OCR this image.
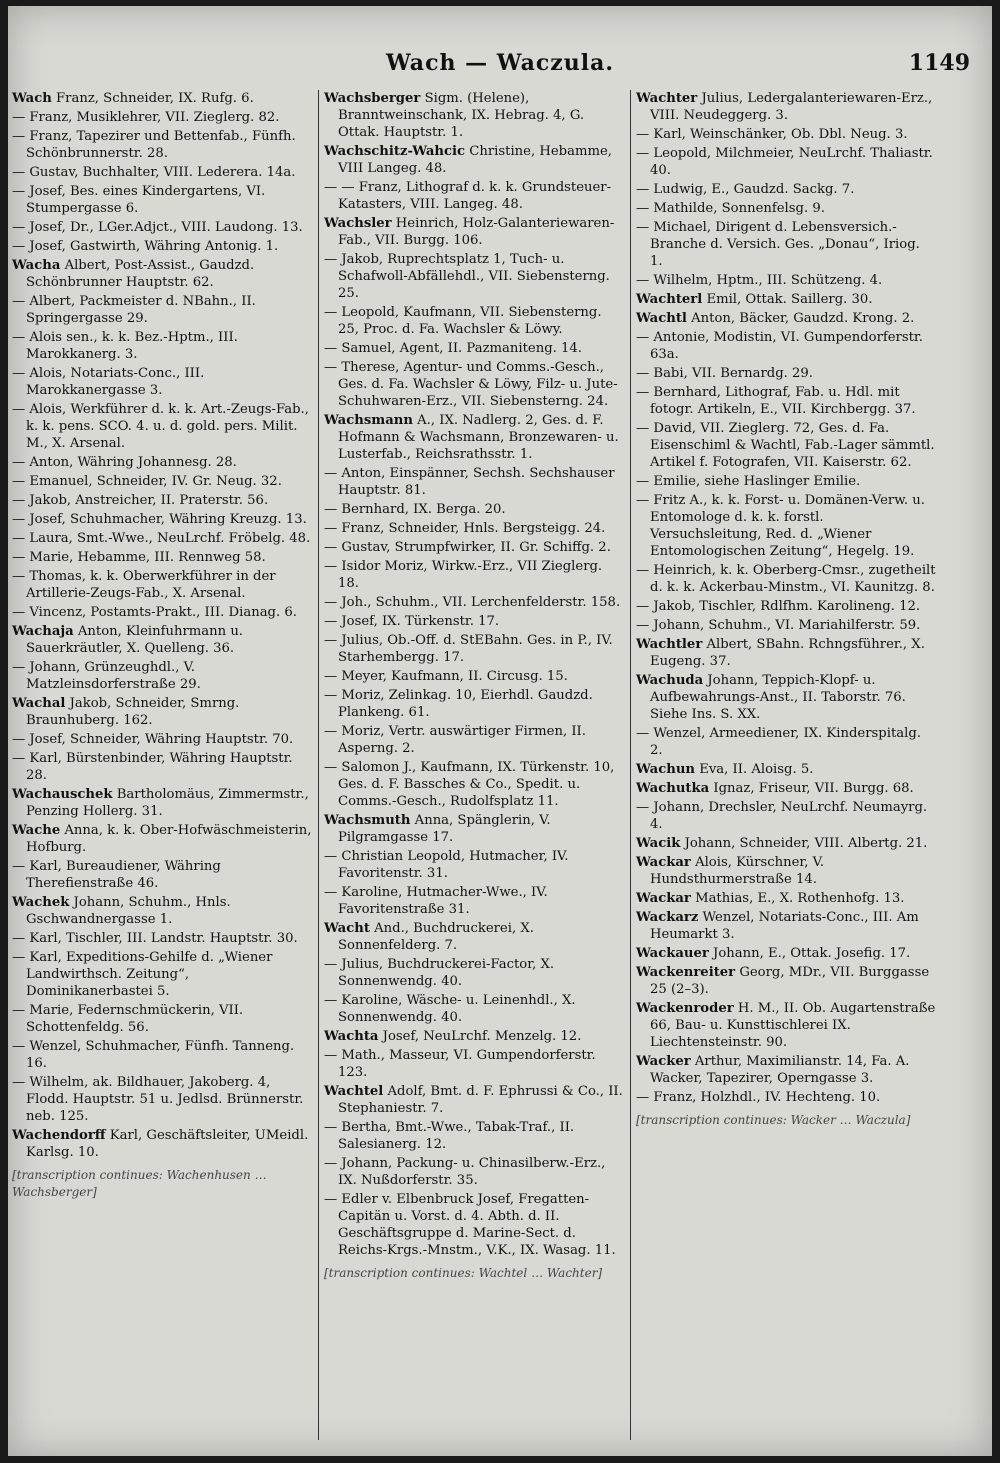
Wach — Waczula.	1149
Wach Franz, Schneider, IX. Rufg. 6.
— Franz, Musiklehrer, VII. Zieglerg. 82.
— Franz, Tapezirer und Bettenfab., Fünfh. Schönbrunnerstr. 28.
— Gustav, Buchhalter, VIII. Lederera. 14a.
— Josef, Bes. eines Kindergartens, VI. Stumpergasse 6.
— Josef, Dr., LGer.Adjct., VIII. Laudong. 13.
— Josef, Gastwirth, Währing Antonig. 1.
Wacha Albert, Post-Assist., Gaudzd. Schönbrunner Hauptstr. 62.
— Albert, Packmeister d. NBahn., II. Springergasse 29.
— Alois sen., k. k. Bez.-Hptm., III. Marokkanerg. 3.
— Alois, Notariats-Conc., III. Marokkanergasse 3.
— Alois, Werkführer d. k. k. Art.-Zeugs-Fab., k. k. pens. SCO. 4. u. d. gold. pers. Milit. M., X. Arsenal.
— Anton, Währing Johannesg. 28.
— Emanuel, Schneider, IV. Gr. Neug. 32.
— Jakob, Anstreicher, II. Praterstr. 56.
— Josef, Schuhmacher, Währing Kreuzg. 13.
— Laura, Smt.-Wwe., NeuLrchf. Fröbelg. 48.
— Marie, Hebamme, III. Rennweg 58.
— Thomas, k. k. Oberwerkführer in der Artillerie-Zeugs-Fab., X. Arsenal.
— Vincenz, Postamts-Prakt., III. Dianag. 6.
Wachaja Anton, Kleinfuhrmann u. Sauerkräutler, X. Quelleng. 36.
— Johann, Grünzeughdl., V. Matzleinsdorferstraße 29.
Wachal Jakob, Schneider, Smrng. Braunhuberg. 162.
— Josef, Schneider, Währing Hauptstr. 70.
— Karl, Bürstenbinder, Währing Hauptstr. 28.
Wachauschek Bartholomäus, Zimmermstr., Penzing Hollerg. 31.
Wache Anna, k. k. Ober-Hofwäschmeisterin, Hofburg.
— Karl, Bureaudiener, Währing Therefienstraße 46.
Wachek Johann, Schuhm., Hnls. Gschwandnergasse 1.
— Karl, Tischler, III. Landstr. Hauptstr. 30.
— Karl, Expeditions-Gehilfe d. „Wiener Landwirthsch. Zeitung“, Dominikanerbastei 5.
— Marie, Federnschmückerin, VII. Schottenfeldg. 56.
— Wenzel, Schuhmacher, Fünfh. Tanneng. 16.
— Wilhelm, ak. Bildhauer, Jakoberg. 4, Flodd. Hauptstr. 51 u. Jedlsd. Brünnerstr. neb. 125.
Wachendorff Karl, Geschäftsleiter, UMeidl. Karlsg. 10.
[transcription continues: Wachenhusen … Wachsberger]
Wachsberger Sigm. (Helene), Branntweinschank, IX. Hebrag. 4, G. Ottak. Hauptstr. 1.
Wachschitz-Wahcic Christine, Hebamme, VIII Langeg. 48.
— — Franz, Lithograf d. k. k. Grundsteuer-Katasters, VIII. Langeg. 48.
Wachsler Heinrich, Holz-Galanteriewaren-Fab., VII. Burgg. 106.
— Jakob, Ruprechtsplatz 1, Tuch- u. Schafwoll-Abfällehdl., VII. Siebensterng. 25.
— Leopold, Kaufmann, VII. Siebensterng. 25, Proc. d. Fa. Wachsler & Löwy.
— Samuel, Agent, II. Pazmaniteng. 14.
— Therese, Agentur- und Comms.-Gesch., Ges. d. Fa. Wachsler & Löwy, Filz- u. Jute-Schuhwaren-Erz., VII. Siebensterng. 24.
Wachsmann A., IX. Nadlerg. 2, Ges. d. F. Hofmann & Wachsmann, Bronzewaren- u. Lusterfab., Reichsrathsstr. 1.
— Anton, Einspänner, Sechsh. Sechshauser Hauptstr. 81.
— Bernhard, IX. Berga. 20.
— Franz, Schneider, Hnls. Bergsteigg. 24.
— Gustav, Strumpfwirker, II. Gr. Schiffg. 2.
— Isidor Moriz, Wirkw.-Erz., VII Zieglerg. 18.
— Joh., Schuhm., VII. Lerchenfelderstr. 158.
— Josef, IX. Türkenstr. 17.
— Julius, Ob.-Off. d. StEBahn. Ges. in P., IV. Starhembergg. 17.
— Meyer, Kaufmann, II. Circusg. 15.
— Moriz, Zelinkag. 10, Eierhdl. Gaudzd. Plankeng. 61.
— Moriz, Vertr. auswärtiger Firmen, II. Asperng. 2.
— Salomon J., Kaufmann, IX. Türkenstr. 10, Ges. d. F. Bassches & Co., Spedit. u. Comms.-Gesch., Rudolfsplatz 11.
Wachsmuth Anna, Spänglerin, V. Pilgramgasse 17.
— Christian Leopold, Hutmacher, IV. Favoritenstr. 31.
— Karoline, Hutmacher-Wwe., IV. Favoritenstraße 31.
Wacht And., Buchdruckerei, X. Sonnenfelderg. 7.
— Julius, Buchdruckerei-Factor, X. Sonnenwendg. 40.
— Karoline, Wäsche- u. Leinenhdl., X. Sonnenwendg. 40.
Wachta Josef, NeuLrchf. Menzelg. 12.
— Math., Masseur, VI. Gumpendorferstr. 123.
Wachtel Adolf, Bmt. d. F. Ephrussi & Co., II. Stephaniestr. 7.
— Bertha, Bmt.-Wwe., Tabak-Traf., II. Salesianerg. 12.
— Johann, Packung- u. Chinasilberw.-Erz., IX. Nußdorferstr. 35.
— Edler v. Elbenbruck Josef, Fregatten-Capitän u. Vorst. d. 4. Abth. d. II. Geschäftsgruppe d. Marine-Sect. d. Reichs-Krgs.-Mnstm., V.K., IX. Wasag. 11.
[transcription continues: Wachtel … Wachter]
Wachter Julius, Ledergalanteriewaren-Erz., VIII. Neudeggerg. 3.
— Karl, Weinschänker, Ob. Dbl. Neug. 3.
— Leopold, Milchmeier, NeuLrchf. Thaliastr. 40.
— Ludwig, E., Gaudzd. Sackg. 7.
— Mathilde, Sonnenfelsg. 9.
— Michael, Dirigent d. Lebensversich.-Branche d. Versich. Ges. „Donau“, Iriog. 1.
— Wilhelm, Hptm., III. Schützeng. 4.
Wachterl Emil, Ottak. Saillerg. 30.
Wachtl Anton, Bäcker, Gaudzd. Krong. 2.
— Antonie, Modistin, VI. Gumpendorferstr. 63a.
— Babi, VII. Bernardg. 29.
— Bernhard, Lithograf, Fab. u. Hdl. mit fotogr. Artikeln, E., VII. Kirchbergg. 37.
— David, VII. Zieglerg. 72, Ges. d. Fa. Eisenschiml & Wachtl, Fab.-Lager sämmtl. Artikel f. Fotografen, VII. Kaiserstr. 62.
— Emilie, siehe Haslinger Emilie.
— Fritz A., k. k. Forst- u. Domänen-Verw. u. Entomologe d. k. k. forstl. Versuchsleitung, Red. d. „Wiener Entomologischen Zeitung“, Hegelg. 19.
— Heinrich, k. k. Oberberg-Cmsr., zugetheilt d. k. k. Ackerbau-Minstm., VI. Kaunitzg. 8.
— Jakob, Tischler, Rdlfhm. Karolineng. 12.
— Johann, Schuhm., VI. Mariahilferstr. 59.
Wachtler Albert, SBahn. Rchngsführer., X. Eugeng. 37.
Wachuda Johann, Teppich-Klopf- u. Aufbewahrungs-Anst., II. Taborstr. 76. Siehe Ins. S. XX.
— Wenzel, Armeediener, IX. Kinderspitalg. 2.
Wachun Eva, II. Aloisg. 5.
Wachutka Ignaz, Friseur, VII. Burgg. 68.
— Johann, Drechsler, NeuLrchf. Neumayrg. 4.
Wacik Johann, Schneider, VIII. Albertg. 21.
Wackar Alois, Kürschner, V. Hundsthurmerstraße 14.
Wackar Mathias, E., X. Rothenhofg. 13.
Wackarz Wenzel, Notariats-Conc., III. Am Heumarkt 3.
Wackauer Johann, E., Ottak. Josefig. 17.
Wackenreiter Georg, MDr., VII. Burggasse 25 (2–3).
Wackenroder H. M., II. Ob. Augartenstraße 66, Bau- u. Kunsttischlerei IX. Liechtensteinstr. 90.
Wacker Arthur, Maximilianstr. 14, Fa. A. Wacker, Tapezirer, Operngasse 3.
— Franz, Holzhdl., IV. Hechteng. 10.
[transcription continues: Wacker … Waczula]
